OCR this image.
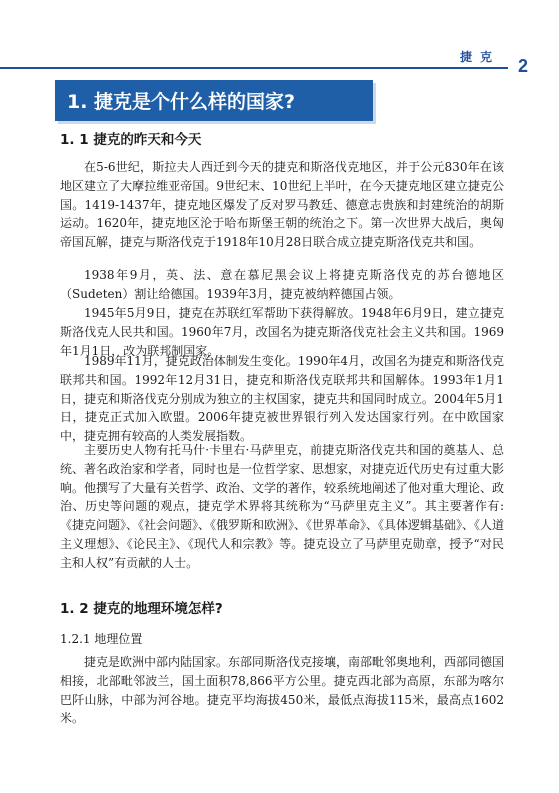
捷克 2
1. 捷克是个什么样的国家?
1. 1 捷克的昨天和今天

在5-6世纪，斯拉夫人西迁到今天的捷克和斯洛伐克地区，并于公元830年在该地区建立了大摩拉维亚帝国。9世纪末、10世纪上半叶，在今天捷克地区建立捷克公国。1419-1437年，捷克地区爆发了反对罗马教廷、德意志贵族和封建统治的胡斯运动。1620年，捷克地区沦于哈布斯堡王朝的统治之下。第一次世界大战后，奥匈帝国瓦解，捷克与斯洛伐克于1918年10月28日联合成立捷克斯洛伐克共和国。

1938年9月，英、法、意在慕尼黑会议上将捷克斯洛伐克的苏台德地区（Sudeten）割让给德国。1939年3月，捷克被纳粹德国占领。

1945年5月9日，捷克在苏联红军帮助下获得解放。1948年6月9日，建立捷克斯洛伐克人民共和国。1960年7月，改国名为捷克斯洛伐克社会主义共和国。1969年1月1日，改为联邦制国家。

1989年11月，捷克政治体制发生变化。1990年4月，改国名为捷克和斯洛伐克联邦共和国。1992年12月31日，捷克和斯洛伐克联邦共和国解体。1993年1月1日，捷克和斯洛伐克分别成为独立的主权国家，捷克共和国同时成立。2004年5月1日，捷克正式加入欧盟。2006年捷克被世界银行列入发达国家行列。在中欧国家中，捷克拥有较高的人类发展指数。

主要历史人物有托马什·卡里右·马萨里克，前捷克斯洛伐克共和国的奠基人、总统、著名政治家和学者，同时也是一位哲学家、思想家，对捷克近代历史有过重大影响。他撰写了大量有关哲学、政治、文学的著作，较系统地阐述了他对重大理论、政治、历史等问题的观点，捷克学术界将其统称为“马萨里克主义”。其主要著作有:《捷克问题》、《社会问题》、《俄罗斯和欧洲》、《世界革命》、《具体逻辑基础》、《人道主义理想》、《论民主》、《现代人和宗教》等。捷克设立了马萨里克勋章，授予“对民主和人权”有贡献的人士。

1. 2 捷克的地理环境怎样?
1.2.1 地理位置

捷克是欧洲中部内陆国家。东部同斯洛伐克接壤，南部毗邻奥地利，西部同德国相接，北部毗邻波兰，国土面积78,866平方公里。捷克西北部为高原，东部为喀尔巴阡山脉，中部为河谷地。捷克平均海拔450米，最低点海拔115米，最高点1602米。
